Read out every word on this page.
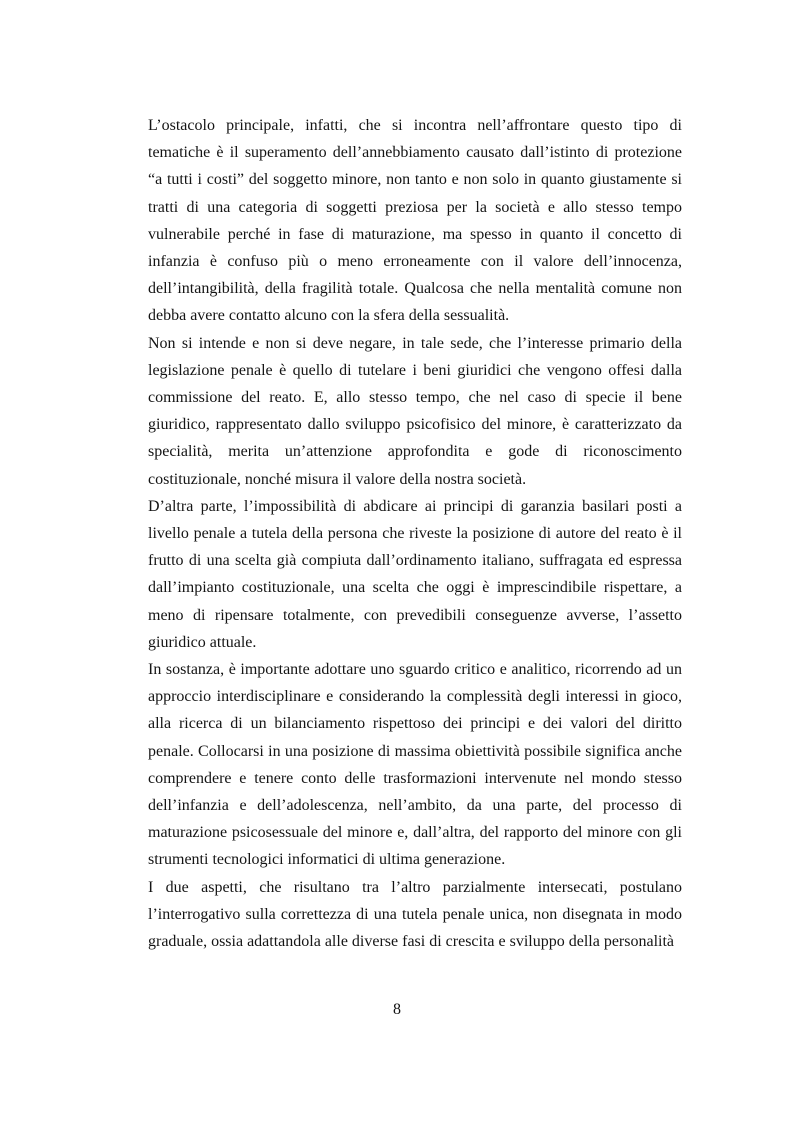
L’ostacolo principale, infatti, che si incontra nell’affrontare questo tipo di tematiche è il superamento dell’annebbiamento causato dall’istinto di protezione “a tutti i costi” del soggetto minore, non tanto e non solo in quanto giustamente si tratti di una categoria di soggetti preziosa per la società e allo stesso tempo vulnerabile perché in fase di maturazione, ma spesso in quanto il concetto di infanzia è confuso più o meno erroneamente con il valore dell’innocenza, dell’intangibilità, della fragilità totale. Qualcosa che nella mentalità comune non debba avere contatto alcuno con la sfera della sessualità.

Non si intende e non si deve negare, in tale sede, che l’interesse primario della legislazione penale è quello di tutelare i beni giuridici che vengono offesi dalla commissione del reato. E, allo stesso tempo, che nel caso di specie il bene giuridico, rappresentato dallo sviluppo psicofisico del minore, è caratterizzato da specialità, merita un’attenzione approfondita e gode di riconoscimento costituzionale, nonché misura il valore della nostra società.

D’altra parte, l’impossibilità di abdicare ai principi di garanzia basilari posti a livello penale a tutela della persona che riveste la posizione di autore del reato è il frutto di una scelta già compiuta dall’ordinamento italiano, suffragata ed espressa dall’impianto costituzionale, una scelta che oggi è imprescindibile rispettare, a meno di ripensare totalmente, con prevedibili conseguenze avverse, l’assetto giuridico attuale.

In sostanza, è importante adottare uno sguardo critico e analitico, ricorrendo ad un approccio interdisciplinare e considerando la complessità degli interessi in gioco, alla ricerca di un bilanciamento rispettoso dei principi e dei valori del diritto penale. Collocarsi in una posizione di massima obiettività possibile significa anche comprendere e tenere conto delle trasformazioni intervenute nel mondo stesso dell’infanzia e dell’adolescenza, nell’ambito, da una parte, del processo di maturazione psicosessuale del minore e, dall’altra, del rapporto del minore con gli strumenti tecnologici informatici di ultima generazione.

I due aspetti, che risultano tra l’altro parzialmente intersecati, postulano l’interrogativo sulla correttezza di una tutela penale unica, non disegnata in modo graduale, ossia adattandola alle diverse fasi di crescita e sviluppo della personalità

8
